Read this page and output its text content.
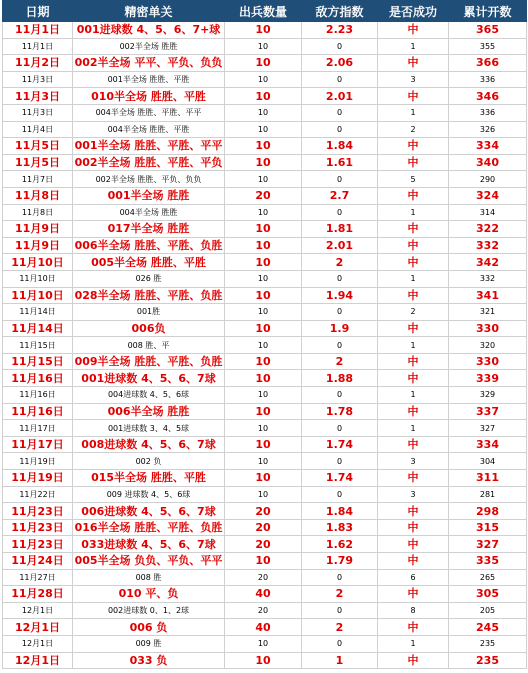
日期	精密单关	出兵数量	敌方指数	是否成功	累计开数
11月1日	001进球数 4、5、6、7+球	10	2.23	中	365
11月1日	002半全场 胜胜	10	0	1	355
11月2日	002半全场 平平、平负、负负	10	2.06	中	366
11月3日	001半全场 胜胜、平胜	10	0	3	336
11月3日	010半全场 胜胜、平胜	10	2.01	中	346
11月3日	004半全场 胜胜、平胜、平平	10	0	1	336
11月4日	004半全场 胜胜、平胜	10	0	2	326
11月5日	001半全场 胜胜、平胜、平平	10	1.84	中	334
11月5日	002半全场 胜胜、平胜、平负	10	1.61	中	340
11月7日	002半全场 胜胜、平负、负负	10	0	5	290
11月8日	001半全场 胜胜	20	2.7	中	324
11月8日	004半全场 胜胜	10	0	1	314
11月9日	017半全场 胜胜	10	1.81	中	322
11月9日	006半全场 胜胜、平胜、负胜	10	2.01	中	332
11月10日	005半全场 胜胜、平胜	10	2	中	342
11月10日	026 胜	10	0	1	332
11月10日	028半全场 胜胜、平胜、负胜	10	1.94	中	341
11月14日	001胜	10	0	2	321
11月14日	006负	10	1.9	中	330
11月15日	008 胜、平	10	0	1	320
11月15日	009半全场 胜胜、平胜、负胜	10	2	中	330
11月16日	001进球数 4、5、6、7球	10	1.88	中	339
11月16日	004进球数 4、5、6球	10	0	1	329
11月16日	006半全场 胜胜	10	1.78	中	337
11月17日	001进球数 3、4、5球	10	0	1	327
11月17日	008进球数 4、5、6、7球	10	1.74	中	334
11月19日	002 负	10	0	3	304
11月19日	015半全场 胜胜、平胜	10	1.74	中	311
11月22日	009 进球数 4、5、6球	10	0	3	281
11月23日	006进球数 4、5、6、7球	20	1.84	中	298
11月23日	016半全场 胜胜、平胜、负胜	20	1.83	中	315
11月23日	033进球数 4、5、6、7球	20	1.62	中	327
11月24日	005半全场 负负、平负、平平	10	1.79	中	335
11月27日	008 胜	20	0	6	265
11月28日	010 平、负	40	2	中	305
12月1日	002进球数 0、1、2球	20	0	8	205
12月1日	006 负	40	2	中	245
12月1日	009 胜	10	0	1	235
12月1日	033 负	10	1	中	235
